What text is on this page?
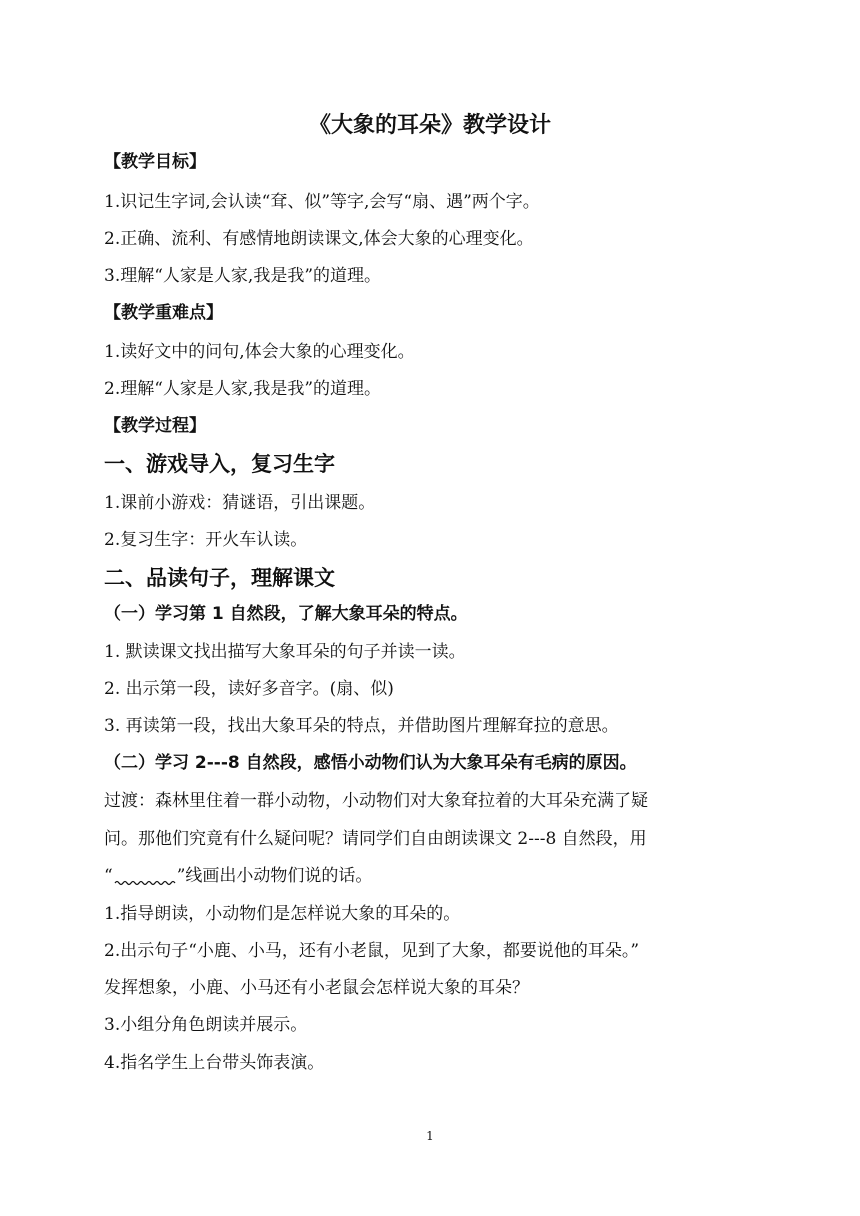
《大象的耳朵》教学设计
【教学目标】
1.识记生字词,会认读“耷、似”等字,会写“扇、遇”两个字。
2.正确、流利、有感情地朗读课文,体会大象的心理变化。
3.理解“人家是人家,我是我”的道理。
【教学重难点】
1.读好文中的问句,体会大象的心理变化。
2.理解“人家是人家,我是我”的道理。
【教学过程】
一、游戏导入，复习生字
1.课前小游戏：猜谜语，引出课题。
2.复习生字：开火车认读。
二、品读句子，理解课文
（一）学习第 1 自然段，了解大象耳朵的特点。
1. 默读课文找出描写大象耳朵的句子并读一读。
2. 出示第一段，读好多音字。(扇、似)
3. 再读第一段，找出大象耳朵的特点，并借助图片理解耷拉的意思。
（二）学习 2---8 自然段，感悟小动物们认为大象耳朵有毛病的原因。
过渡：森林里住着一群小动物，小动物们对大象耷拉着的大耳朵充满了疑
问。那他们究竟有什么疑问呢？请同学们自由朗读课文 2---8 自然段，用
“	”线画出小动物们说的话。
1.指导朗读，小动物们是怎样说大象的耳朵的。
2.出示句子“小鹿、小马，还有小老鼠，见到了大象，都要说他的耳朵。”
发挥想象，小鹿、小马还有小老鼠会怎样说大象的耳朵？
3.小组分角色朗读并展示。
4.指名学生上台带头饰表演。
1
